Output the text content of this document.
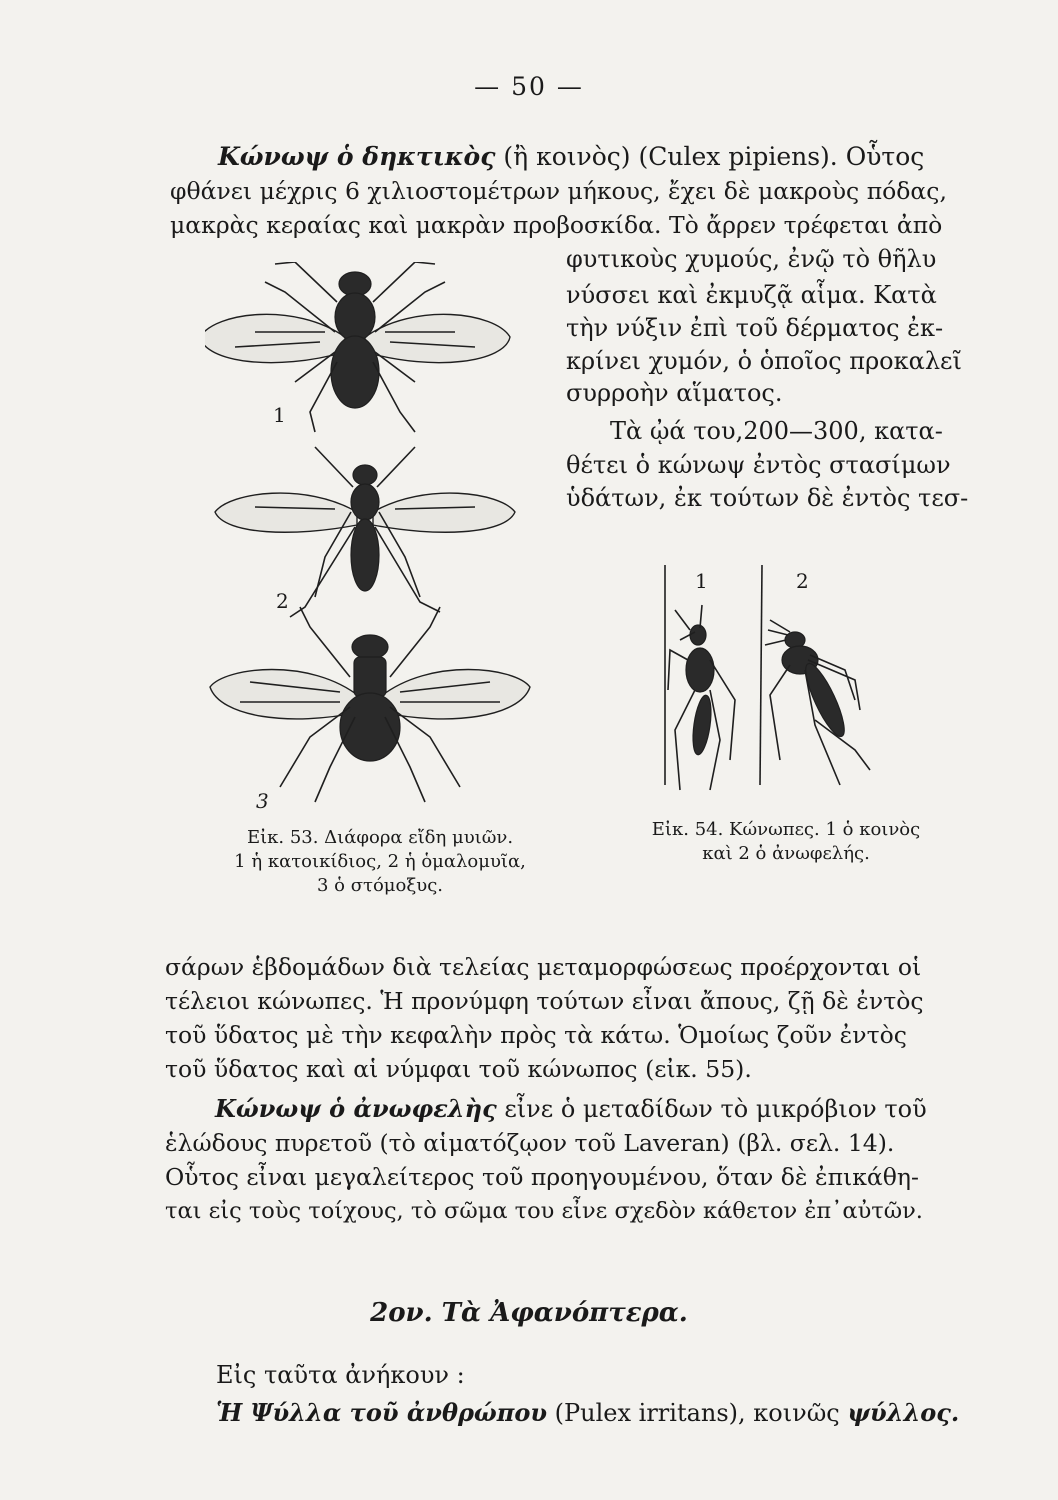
— 50 —
Κώνωψ ὁ δηκτικὸς (ἢ κοινὸς) (Culex pipiens). Οὗτος
φθάνει μέχρις 6 χιλιοστομέτρων μήκους, ἔχει δὲ μακροὺς πόδας,
μακρὰς κεραίας καὶ μακρὰν προβοσκίδα. Τὸ ἄρρεν τρέφεται ἀπὸ
φυτικοὺς χυμούς, ἐνῷ τὸ θῆλυ
νύσσει καὶ ἐκμυζᾷ αἷμα. Κατὰ
τὴν νύξιν ἐπὶ τοῦ δέρματος ἐκ-
κρίνει χυμόν, ὁ ὁποῖος προκαλεῖ
συρροὴν αἵματος.
Τὰ ᾠά του,200—300, κατα-
θέτει ὁ κώνωψ ἐντὸς στασίμων
ὑδάτων, ἐκ τούτων δὲ ἐντὸς τεσ-
1
2
3
Εἰκ. 53. Διάφορα εἴδη μυιῶν.
1 ἡ κατοικίδιος, 2 ἡ ὁμαλομυῖα,
3 ὁ στόμοξυς.
1	2
Εἰκ. 54. Κώνωπες. 1 ὁ κοινὸς
καὶ 2 ὁ ἀνωφελής.
σάρων ἑβδομάδων διὰ τελείας μεταμορφώσεως προέρχονται οἱ
τέλειοι κώνωπες. Ἡ προνύμφη τούτων εἶναι ἄπους, ζῇ δὲ ἐντὸς
τοῦ ὕδατος μὲ τὴν κεφαλὴν πρὸς τὰ κάτω. Ὁμοίως ζοῦν ἐντὸς
τοῦ ὕδατος καὶ αἱ νύμφαι τοῦ κώνωπος (εἰκ. 55).
Κώνωψ ὁ ἀνωφελὴς εἶνε ὁ μεταδίδων τὸ μικρόβιον τοῦ
ἑλώδους πυρετοῦ (τὸ αἱματόζῳον τοῦ Laveran) (βλ. σελ. 14).
Οὗτος εἶναι μεγαλείτερος τοῦ προηγουμένου, ὅταν δὲ ἐπικάθη-
ται εἰς τοὺς τοίχους, τὸ σῶμα του εἶνε σχεδὸν κάθετον ἐπ᾽αὐτῶν.
2ον. Τὰ Ἀφανόπτερα.
Εἰς ταῦτα ἀνήκουν :
Ἡ Ψύλλα τοῦ ἀνθρώπου (Pulex irritans), κοινῶς ψύλλος.
